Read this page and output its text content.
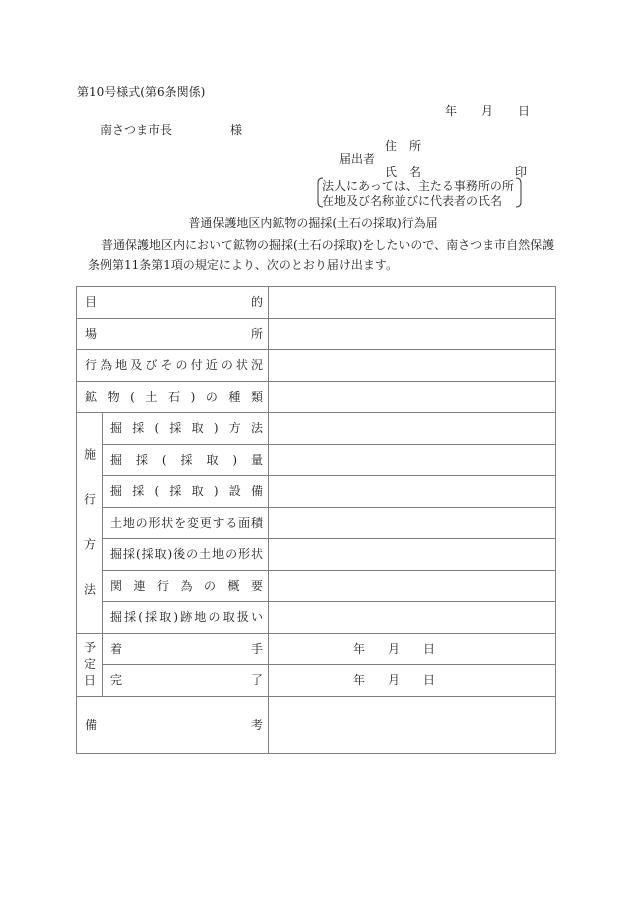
第10号様式(第6条関係)
年 月 日
南さつま市長	様
住　所
届出者
氏　名	印
法人にあっては、主たる事務所の所
在地及び名称並びに代表者の氏名
普通保護地区内鉱物の掘採(土石の採取)行為届
普通保護地区内において鉱物の掘採(土石の採取)をしたいので、南さつま市自然保護
条例第11条第1項の規定により、次のとおり届け出ます。
目的		
場所		
行為地及びその付近の状況		
鉱物(土石)の種類		
施行方法	掘採(採取)方法	
	掘採(採取)量	
	掘採(採取)設備	
	土地の形状を変更する面積	
	掘採(採取)後の土地の形状	
	関連行為の概要	
	掘採(採取)跡地の取扱い	
予定日	着手	年 月 日

	完了	年 月 日

備考		
